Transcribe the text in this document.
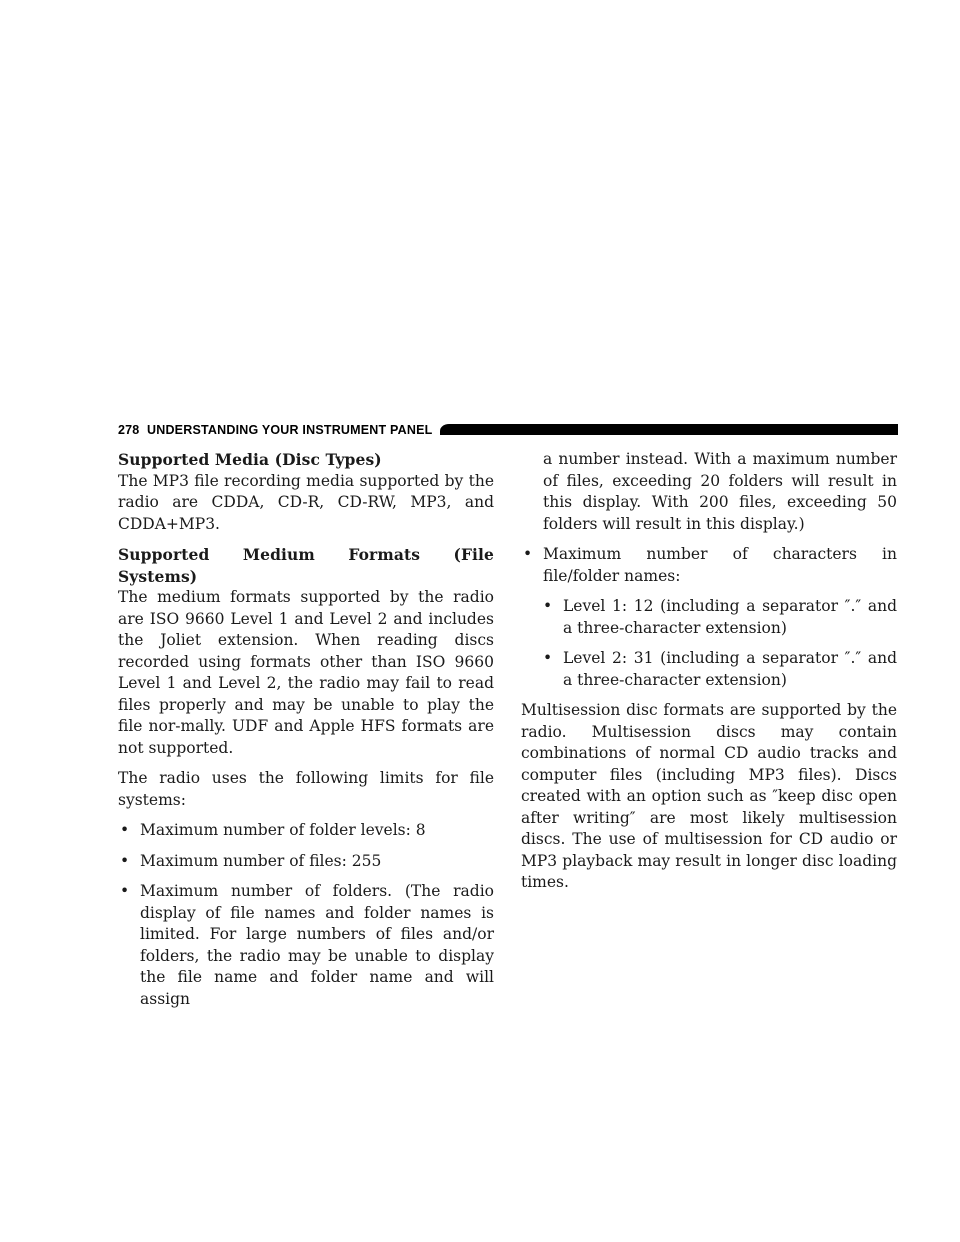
278 UNDERSTANDING YOUR INSTRUMENT PANEL

Supported Media (Disc Types)

The MP3 file recording media supported by the radio are CDDA, CD-R, CD-RW, MP3, and CDDA+MP3.

Supported Medium Formats (File Systems)

The medium formats supported by the radio are ISO 9660 Level 1 and Level 2 and includes the Joliet extension. When reading discs recorded using formats other than ISO 9660 Level 1 and Level 2, the radio may fail to read files properly and may be unable to play the file nor-mally. UDF and Apple HFS formats are not supported.

The radio uses the following limits for file systems:

• Maximum number of folder levels: 8

• Maximum number of files: 255

• Maximum number of folders. (The radio display of file names and folder names is limited. For large numbers of files and/or folders, the radio may be unable to display the file name and folder name and will assign

a number instead. With a maximum number of files, exceeding 20 folders will result in this display. With 200 files, exceeding 50 folders will result in this display.)

• Maximum number of characters in file/folder names:

• Level 1: 12 (including a separator ″.″ and a three-character extension)

• Level 2: 31 (including a separator ″.″ and a three-character extension)

Multisession disc formats are supported by the radio. Multisession discs may contain combinations of normal CD audio tracks and computer files (including MP3 files). Discs created with an option such as ″keep disc open after writing″ are most likely multisession discs. The use of multisession for CD audio or MP3 playback may result in longer disc loading times.
